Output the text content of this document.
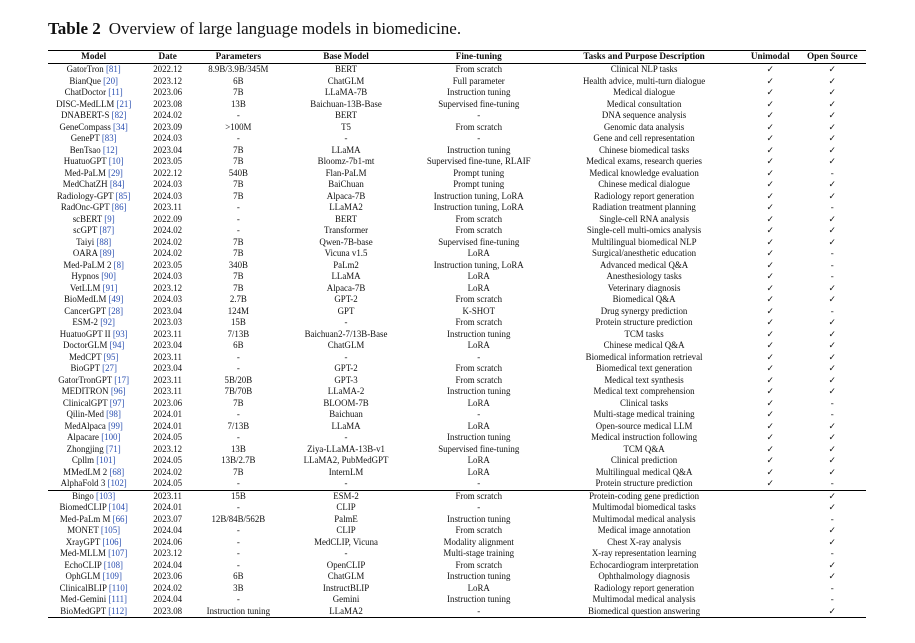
Table 2 Overview of large language models in biomedicine.
Model	Date	Parameters	Base Model	Fine-tuning	Tasks and Purpose Description	Unimodal	Open Source
GatorTron [81]	2022.12	8.9B/3.9B/345M	BERT	From scratch	Clinical NLP tasks	✓	✓
BianQue [20]	2023.12	6B	ChatGLM	Full parameter	Health advice, multi-turn dialogue	✓	✓
ChatDoctor [11]	2023.06	7B	LLaMA-7B	Instruction tuning	Medical dialogue	✓	✓
DISC-MedLLM [21]	2023.08	13B	Baichuan-13B-Base	Supervised fine-tuning	Medical consultation	✓	✓
DNABERT-S [82]	2024.02	-	BERT	-	DNA sequence analysis	✓	✓
GeneCompass [34]	2023.09	>100M	T5	From scratch	Genomic data analysis	✓	✓
GenePT [83]	2024.03	-	-	-	Gene and cell representation	✓	✓
BenTsao [12]	2023.04	7B	LLaMA	Instruction tuning	Chinese biomedical tasks	✓	✓
HuatuoGPT [10]	2023.05	7B	Bloomz-7b1-mt	Supervised fine-tune, RLAIF	Medical exams, research queries	✓	✓
Med-PaLM [29]	2022.12	540B	Flan-PaLM	Prompt tuning	Medical knowledge evaluation	✓	-
MedChatZH [84]	2024.03	7B	BaiChuan	Prompt tuning	Chinese medical dialogue	✓	✓
Radiology-GPT [85]	2024.03	7B	Alpaca-7B	Instruction tuning, LoRA	Radiology report generation	✓	✓
RadOnc-GPT [86]	2023.11	-	LLaMA2	Instruction tuning, LoRA	Radiation treatment planning	✓	-
scBERT [9]	2022.09	-	BERT	From scratch	Single-cell RNA analysis	✓	✓
scGPT [87]	2024.02	-	Transformer	From scratch	Single-cell multi-omics analysis	✓	✓
Taiyi [88]	2024.02	7B	Qwen-7B-base	Supervised fine-tuning	Multilingual biomedical NLP	✓	✓
OARA [89]	2024.02	7B	Vicuna v1.5	LoRA	Surgical/anesthetic education	✓	-
Med-PaLM 2 [8]	2023.05	340B	PaLm2	Instruction tuning, LoRA	Advanced medical Q&A	✓	-
Hypnos [90]	2024.03	7B	LLaMA	LoRA	Anesthesiology tasks	✓	-
VetLLM [91]	2023.12	7B	Alpaca-7B	LoRA	Veterinary diagnosis	✓	✓
BioMedLM [49]	2024.03	2.7B	GPT-2	From scratch	Biomedical Q&A	✓	✓
CancerGPT [28]	2023.04	124M	GPT	K-SHOT	Drug synergy prediction	✓	-
ESM-2 [92]	2023.03	15B	-	From scratch	Protein structure prediction	✓	✓
HuatuoGPT II [93]	2023.11	7/13B	Baichuan2-7/13B-Base	Instruction tuning	TCM tasks	✓	✓
DoctorGLM [94]	2023.04	6B	ChatGLM	LoRA	Chinese medical Q&A	✓	✓
MedCPT [95]	2023.11	-	-	-	Biomedical information retrieval	✓	✓
BioGPT [27]	2023.04	-	GPT-2	From scratch	Biomedical text generation	✓	✓
GatorTronGPT [17]	2023.11	5B/20B	GPT-3	From scratch	Medical text synthesis	✓	✓
MEDITRON [96]	2023.11	7B/70B	LLaMA-2	Instruction tuning	Medical text comprehension	✓	✓
ClinicalGPT [97]	2023.06	7B	BLOOM-7B	LoRA	Clinical tasks	✓	-
Qilin-Med [98]	2024.01	-	Baichuan	-	Multi-stage medical training	✓	-
MedAlpaca [99]	2024.01	7/13B	LLaMA	LoRA	Open-source medical LLM	✓	✓
Alpacare [100]	2024.05	-	-	Instruction tuning	Medical instruction following	✓	✓
Zhongjing [71]	2023.12	13B	Ziya-LLaMA-13B-v1	Supervised fine-tuning	TCM Q&A	✓	✓
Cpllm [101]	2024.05	13B/2.7B	LLaMA2, PubMedGPT	LoRA	Clinical prediction	✓	✓
MMedLM 2 [68]	2024.02	7B	InternLM	LoRA	Multilingual medical Q&A	✓	✓
AlphaFold 3 [102]	2024.05	-	-	-	Protein structure prediction	✓	-
Bingo [103]	2023.11	15B	ESM-2	From scratch	Protein-coding gene prediction		✓
BiomedCLIP [104]	2024.01	-	CLIP	-	Multimodal biomedical tasks		✓
Med-PaLm M [66]	2023.07	12B/84B/562B	PalmE	Instruction tuning	Multimodal medical analysis		-
MONET [105]	2024.04	-	CLIP	From scratch	Medical image annotation		✓
XrayGPT [106]	2024.06	-	MedCLIP, Vicuna	Modality alignment	Chest X-ray analysis		✓
Med-MLLM [107]	2023.12	-	-	Multi-stage training	X-ray representation learning		-
EchoCLIP [108]	2024.04	-	OpenCLIP	From scratch	Echocardiogram interpretation		✓
OphGLM [109]	2023.06	6B	ChatGLM	Instruction tuning	Ophthalmology diagnosis		✓
ClinicalBLIP [110]	2024.02	3B	InstructBLIP	LoRA	Radiology report generation		-
Med-Gemini [111]	2024.04	-	Gemini	Instruction tuning	Multimodal medical analysis		-
BioMedGPT [112]	2023.08	Instruction tuning	LLaMA2	-	Biomedical question answering		✓
